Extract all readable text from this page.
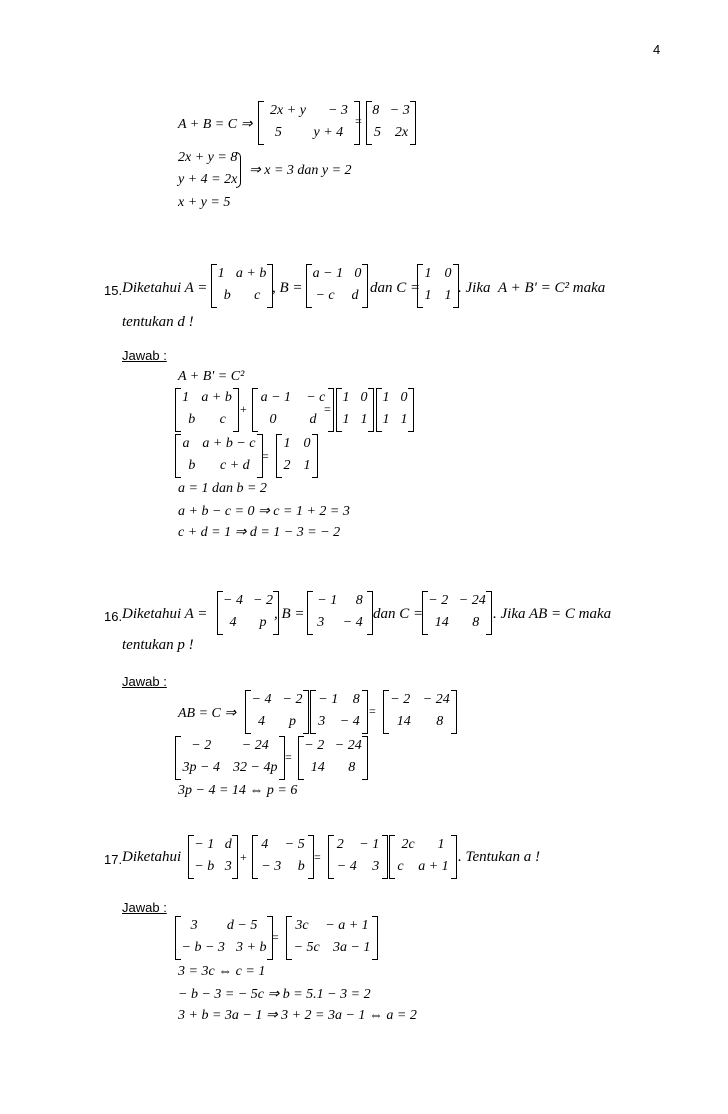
4
A + B = C ⇒
2x + y − 3
5 y + 4
=
8 − 3
5 2x
2x + y = 8
y + 4 = 2x
⇒ x = 3 dan y = 2
x + y = 5
15. Diketahui A =
1 a + b
b c , B =
a − 1 0
− c d dan C =
1 0
1 1 . Jika A + B' = C² maka
tentukan d !
Jawab :
A + B' = C²
1 a + b
b c
+
a − 1 − c
0 d
=
1 0
1 1
1 0
1 1
a a + b − c
b c + d
=
1 0
2 1
a = 1 dan b = 2
a + b − c = 0 ⇒ c = 1 + 2 = 3
c + d = 1 ⇒ d = 1 − 3 = − 2
16. Diketahui A =
− 4 − 2
4 p
, B =
− 1 8
3 − 4
dan C =
− 2 − 24
14 8
. Jika AB = C maka
tentukan p !
Jawab :
AB = C ⇒
− 4 − 2
4 p
− 1 8
3 − 4
=
− 2 − 24
14 8
− 2 − 24
3p − 4 32 − 4p
=
− 2 − 24
14 8
3p − 4 = 14 ⇔ p = 6
17. Diketahui
− 1 d
− b 3
+
4 − 5
− 3 b
=
2 − 1
− 4 3
2c 1
c a + 1
. Tentukan a !
Jawab :
3 d − 5
− b − 3 3 + b
=
3c − a + 1
− 5c 3a − 1
3 = 3c ⇔ c = 1
− b − 3 = − 5c ⇒ b = 5.1 − 3 = 2
3 + b = 3a − 1 ⇒ 3 + 2 = 3a − 1 ⇔ a = 2
